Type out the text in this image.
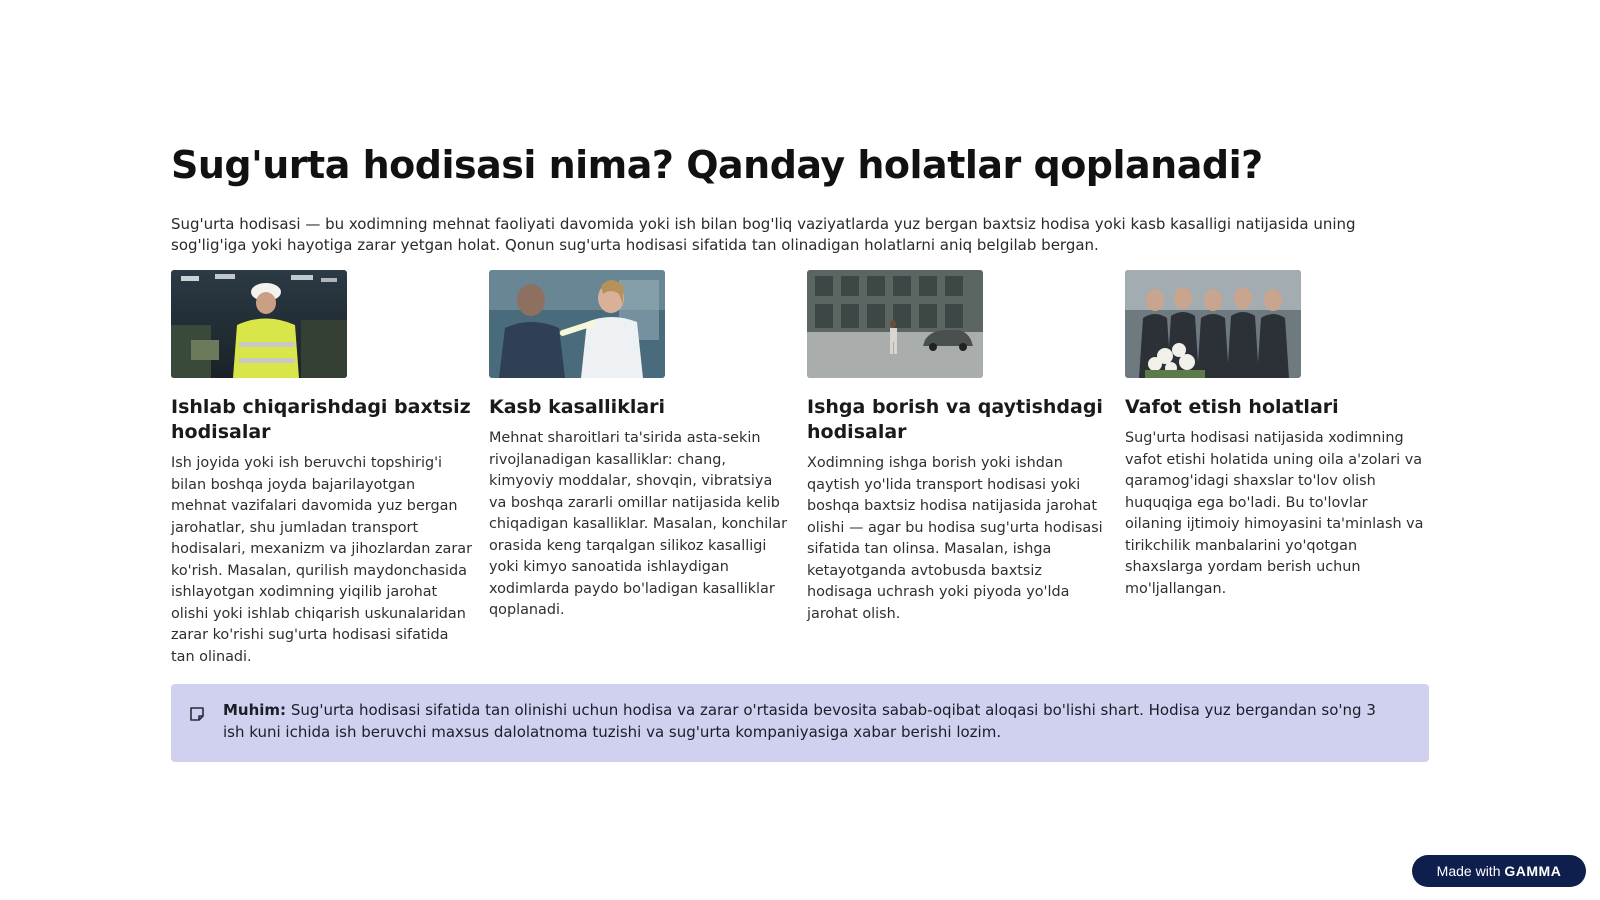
Sug'urta hodisasi nima? Qanday holatlar qoplanadi?

Sug'urta hodisasi — bu xodimning mehnat faoliyati davomida yoki ish bilan bog'liq vaziyatlarda yuz bergan baxtsiz hodisa yoki kasb kasalligi natijasida uning sog'lig'iga yoki hayotiga zarar yetgan holat. Qonun sug'urta hodisasi sifatida tan olinadigan holatlarni aniq belgilab bergan.

Ishlab chiqarishdagi baxtsiz hodisalar

Ish joyida yoki ish beruvchi topshirig'i bilan boshqa joyda bajarilayotgan mehnat vazifalari davomida yuz bergan jarohatlar, shu jumladan transport hodisalari, mexanizm va jihozlardan zarar ko'rish. Masalan, qurilish maydonchasida ishlayotgan xodimning yiqilib jarohat olishi yoki ishlab chiqarish uskunalaridan zarar ko'rishi sug'urta hodisasi sifatida tan olinadi.

Kasb kasalliklari

Mehnat sharoitlari ta'sirida asta-sekin rivojlanadigan kasalliklar: chang, kimyoviy moddalar, shovqin, vibratsiya va boshqa zararli omillar natijasida kelib chiqadigan kasalliklar. Masalan, konchilar orasida keng tarqalgan silikoz kasalligi yoki kimyo sanoatida ishlaydigan xodimlarda paydo bo'ladigan kasalliklar qoplanadi.

Ishga borish va qaytishdagi hodisalar

Xodimning ishga borish yoki ishdan qaytish yo'lida transport hodisasi yoki boshqa baxtsiz hodisa natijasida jarohat olishi — agar bu hodisa sug'urta hodisasi sifatida tan olinsa. Masalan, ishga ketayotganda avtobusda baxtsiz hodisaga uchrash yoki piyoda yo'lda jarohat olish.

Vafot etish holatlari

Sug'urta hodisasi natijasida xodimning vafot etishi holatida uning oila a'zolari va qaramog'idagi shaxslar to'lov olish huquqiga ega bo'ladi. Bu to'lovlar oilaning ijtimoiy himoyasini ta'minlash va tirikchilik manbalarini yo'qotgan shaxslarga yordam berish uchun mo'ljallangan.

Muhim: Sug'urta hodisasi sifatida tan olinishi uchun hodisa va zarar o'rtasida bevosita sabab-oqibat aloqasi bo'lishi shart. Hodisa yuz bergandan so'ng 3 ish kuni ichida ish beruvchi maxsus dalolatnoma tuzishi va sug'urta kompaniyasiga xabar berishi lozim.
Made with GAMMA
